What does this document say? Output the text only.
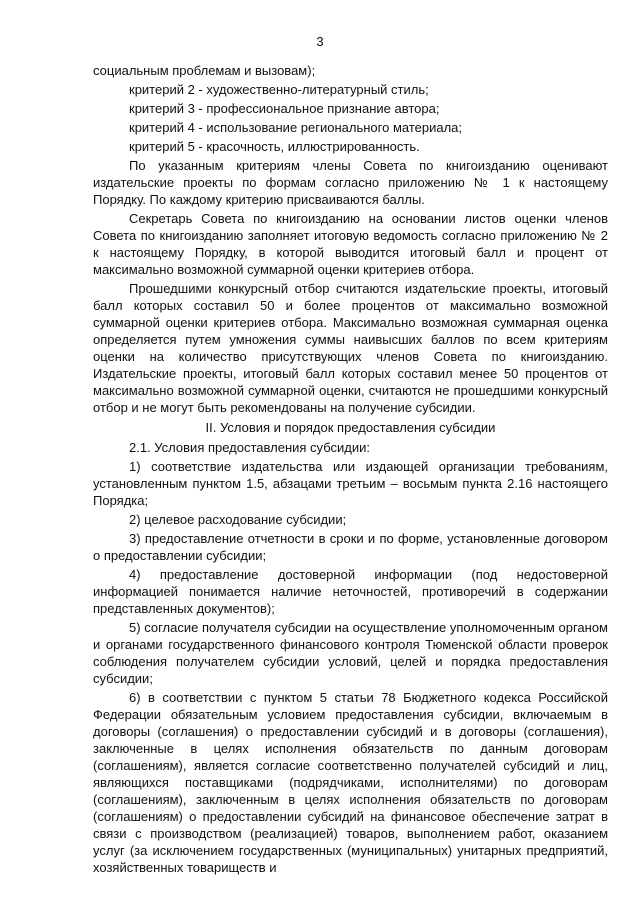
3

социальным проблемам и вызовам);

критерий 2 - художественно-литературный стиль;

критерий 3 - профессиональное признание автора;

критерий 4 - использование регионального материала;

критерий 5 - красочность, иллюстрированность.

По указанным критериям члены Совета по книгоизданию оценивают издательские проекты по формам согласно приложению № 1 к настоящему Порядку. По каждому критерию присваиваются баллы.

Секретарь Совета по книгоизданию на основании листов оценки членов Совета по книгоизданию заполняет итоговую ведомость согласно приложению № 2 к настоящему Порядку, в которой выводится итоговый балл и процент от максимально возможной суммарной оценки критериев отбора.

Прошедшими конкурсный отбор считаются издательские проекты, итоговый балл которых составил 50 и более процентов от максимально возможной суммарной оценки критериев отбора. Максимально возможная суммарная оценка определяется путем умножения суммы наивысших баллов по всем критериям оценки на количество присутствующих членов Совета по книгоизданию. Издательские проекты, итоговый балл которых составил менее 50 процентов от максимально возможной суммарной оценки, считаются не прошедшими конкурсный отбор и не могут быть рекомендованы на получение субсидии.

II. Условия и порядок предоставления субсидии

2.1. Условия предоставления субсидии:

1) соответствие издательства или издающей организации требованиям, установленным пунктом 1.5, абзацами третьим – восьмым пункта 2.16 настоящего Порядка;

2) целевое расходование субсидии;

3) предоставление отчетности в сроки и по форме, установленные договором о предоставлении субсидии;

4) предоставление достоверной информации (под недостоверной информацией понимается наличие неточностей, противоречий в содержании представленных документов);

5) согласие получателя субсидии на осуществление уполномоченным органом и органами государственного финансового контроля Тюменской области проверок соблюдения получателем субсидии условий, целей и порядка предоставления субсидии;

6) в соответствии с пунктом 5 статьи 78 Бюджетного кодекса Российской Федерации обязательным условием предоставления субсидии, включаемым в договоры (соглашения) о предоставлении субсидий и в договоры (соглашения), заключенные в целях исполнения обязательств по данным договорам (соглашениям), является согласие соответственно получателей субсидий и лиц, являющихся поставщиками (подрядчиками, исполнителями) по договорам (соглашениям), заключенным в целях исполнения обязательств по договорам (соглашениям) о предоставлении субсидий на финансовое обеспечение затрат в связи с производством (реализацией) товаров, выполнением работ, оказанием услуг (за исключением государственных (муниципальных) унитарных предприятий, хозяйственных товариществ и
